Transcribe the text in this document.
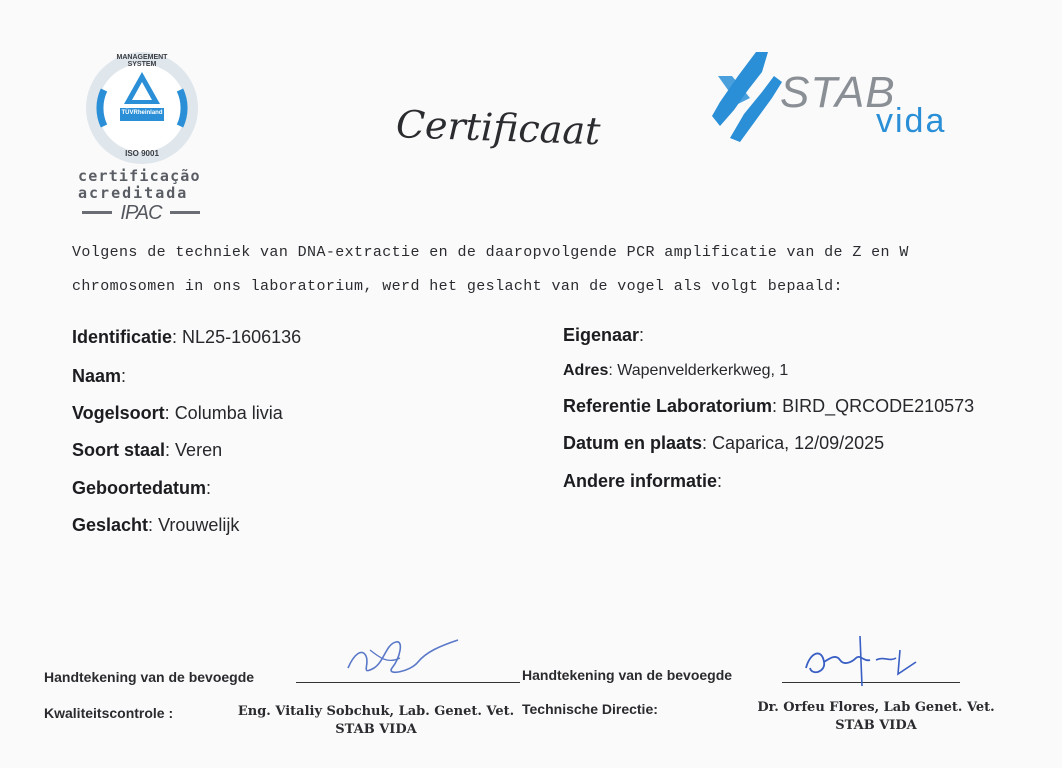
MANAGEMENT SYSTEM
TÜVRheinland
ISO 9001
certificação
acreditada
IPAC
Certificaat
STAB
vida
Volgens de techniek van DNA-extractie en de daaropvolgende PCR amplificatie van de Z en W
chromosomen in ons laboratorium, werd het geslacht van de vogel als volgt bepaald:
Identificatie: NL25-1606136
Naam:
Vogelsoort: Columba livia
Soort staal: Veren
Geboortedatum:
Geslacht: Vrouwelijk
Eigenaar:
Adres: Wapenvelderkerkweg, 1
Referentie Laboratorium: BIRD_QRCODE210573
Datum en plaats: Caparica, 12/09/2025
Andere informatie:
Handtekening van de bevoegde
Kwaliteitscontrole :	Eng. Vitaliy Sobchuk, Lab. Genet. Vet.
STAB VIDA
Handtekening van de bevoegde
Technische Directie:	Dr. Orfeu Flores, Lab Genet. Vet.
STAB VIDA
